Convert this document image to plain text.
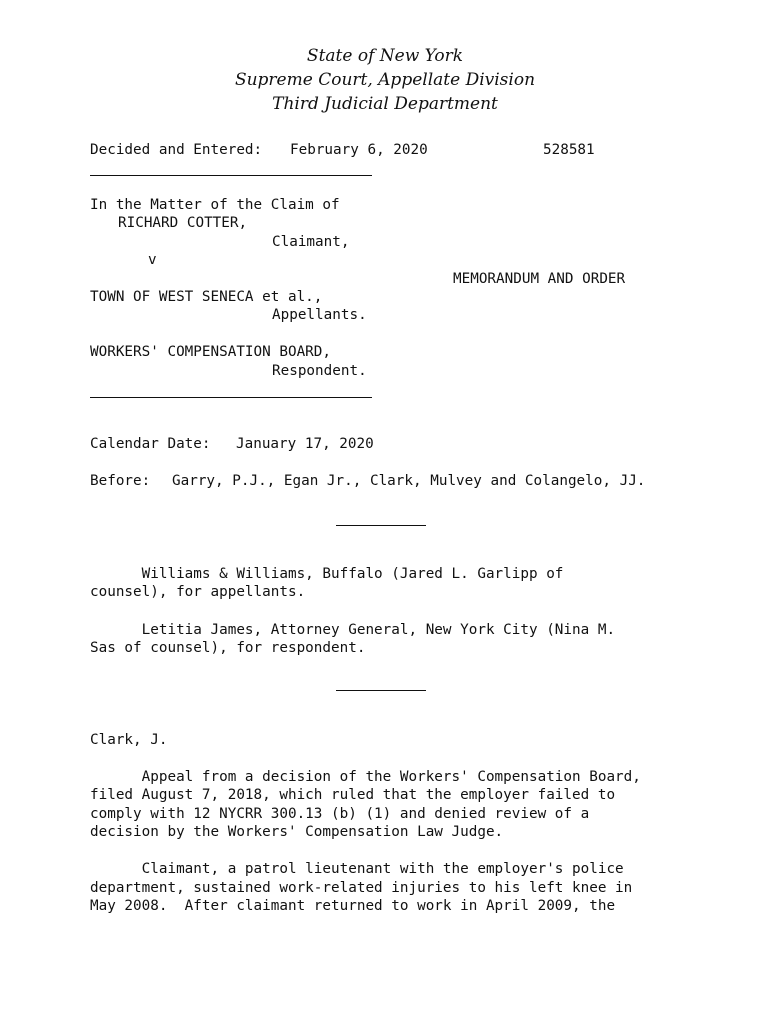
State of New York
Supreme Court, Appellate Division
Third Judicial Department
Decided and Entered: February 6, 2020	528581
In the Matter of the Claim of
RICHARD COTTER,
Claimant,
v
MEMORANDUM AND ORDER
TOWN OF WEST SENECA et al.,
Appellants.
WORKERS' COMPENSATION BOARD,
Respondent.
Calendar Date: January 17, 2020
Before: Garry, P.J., Egan Jr., Clark, Mulvey and Colangelo, JJ.
Williams & Williams, Buffalo (Jared L. Garlipp of
counsel), for appellants.
Letitia James, Attorney General, New York City (Nina M.
Sas of counsel), for respondent.
Clark, J.
Appeal from a decision of the Workers' Compensation Board,
filed August 7, 2018, which ruled that the employer failed to
comply with 12 NYCRR 300.13 (b) (1) and denied review of a
decision by the Workers' Compensation Law Judge.
Claimant, a patrol lieutenant with the employer's police
department, sustained work-related injuries to his left knee in
May 2008.  After claimant returned to work in April 2009, the
